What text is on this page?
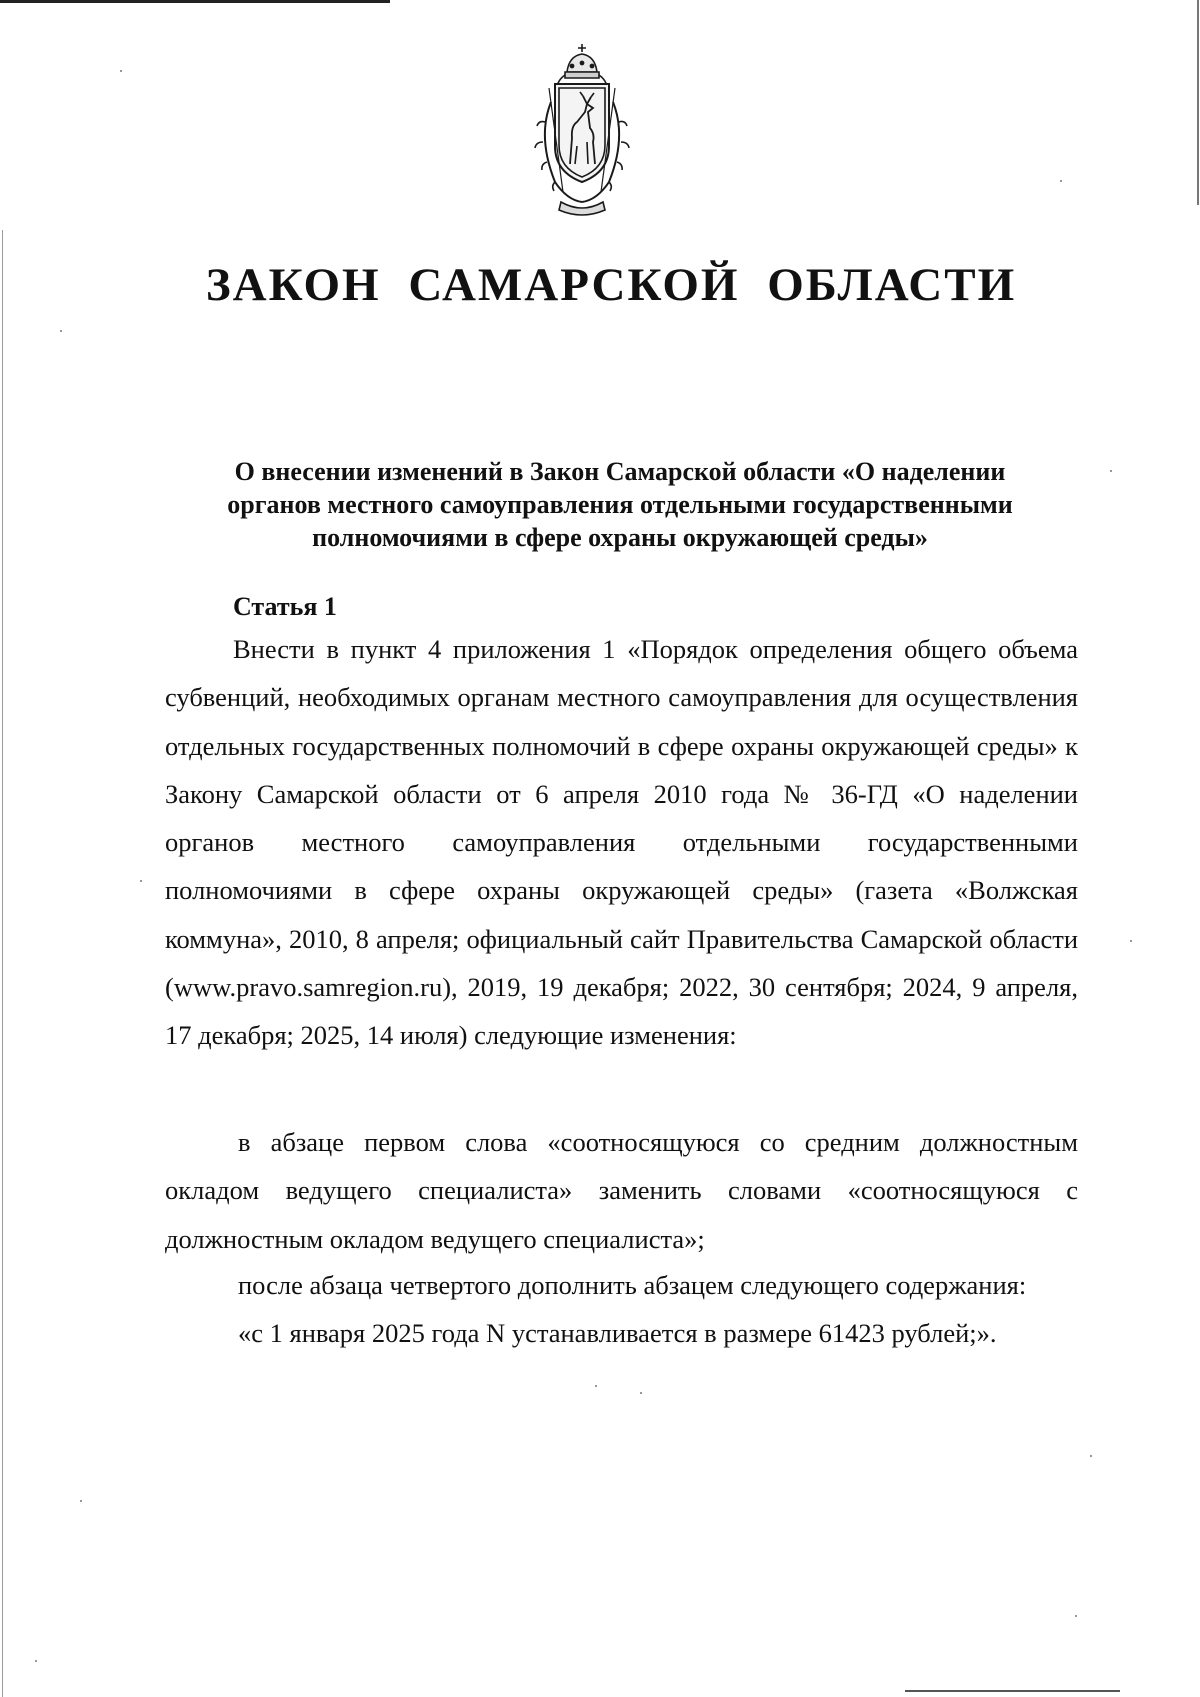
ЗАКОН САМАРСКОЙ ОБЛАСТИ
О внесении изменений в Закон Самарской области «О наделении
органов местного самоуправления отдельными государственными
полномочиями в сфере охраны окружающей среды»
Статья 1

Внести в пункт 4 приложения 1 «Порядок определения общего объема субвенций, необходимых органам местного самоуправления для осуществления отдельных государственных полномочий в сфере охраны окружающей среды» к Закону Самарской области от 6 апреля 2010 года № 36-ГД «О наделении органов местного самоуправления отдельными государственными полномочиями в сфере охраны окружающей среды» (газета «Волжская коммуна», 2010, 8 апреля; официальный сайт Правительства Самарской области (www.pravo.samregion.ru), 2019, 19 декабря; 2022, 30 сентября; 2024, 9 апреля, 17 декабря; 2025, 14 июля) следующие изменения:

в абзаце первом слова «соотносящуюся со средним должностным окладом ведущего специалиста» заменить словами «соотносящуюся с должностным окладом ведущего специалиста»;

после абзаца четвертого дополнить абзацем следующего содержания:

«с 1 января 2025 года N устанавливается в размере 61423 рублей;».
